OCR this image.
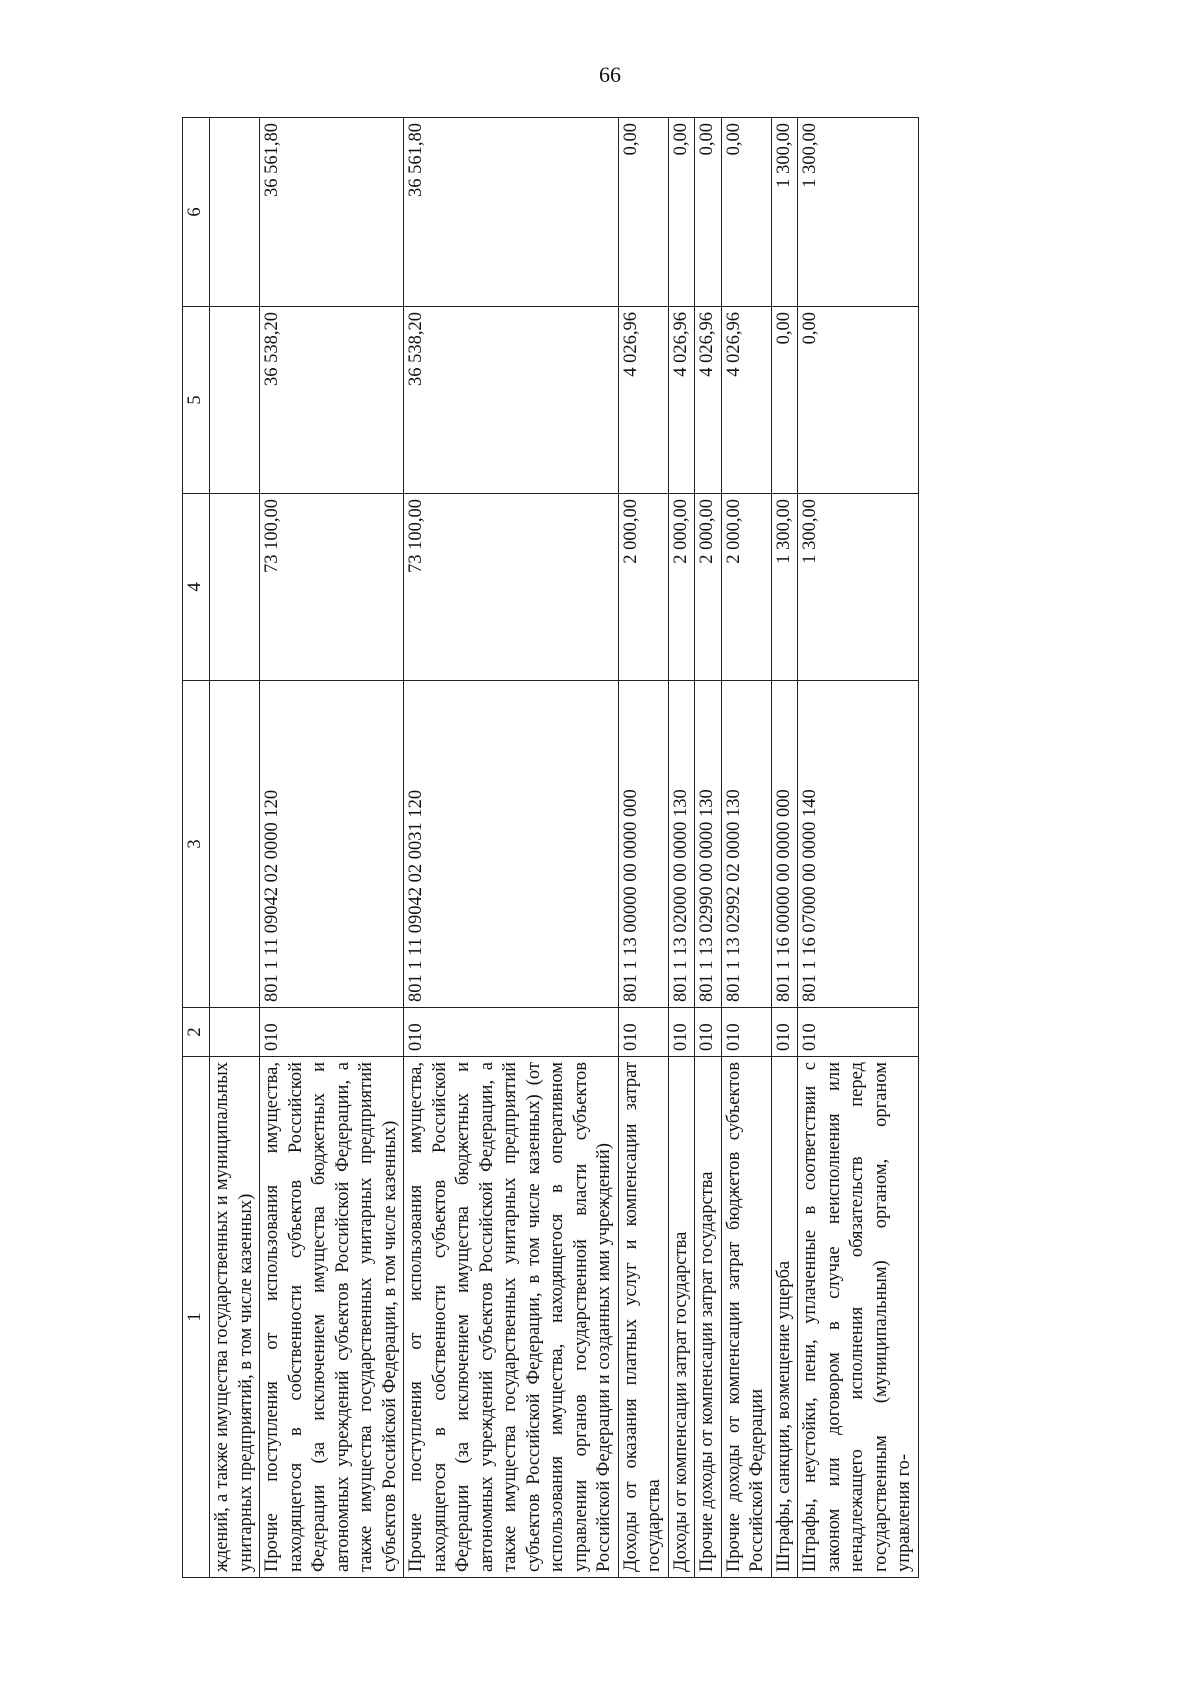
66
1	2	3	4	5	6
ждений, а также имущества государственных и муниципальных унитарных предприятий, в том числе казенных)					
Прочие поступления от использования имущества, находящегося в собственности субъектов Российской Федерации (за исключением имущества бюджетных и автономных учреждений субъектов Российской Федерации, а также имущества государственных унитарных предприятий субъектов Российской Федерации, в том числе казенных)	010	801 1 11 09042 02 0000 120	73 100,00	36 538,20	36 561,80
Прочие поступления от использования имущества, находящегося в собственности субъектов Российской Федерации (за исключением имущества бюджетных и автономных учреждений субъектов Российской Федерации, а также имущества государственных унитарных предприятий субъектов Российской Федерации, в том числе казенных) (от использования имущества, находящегося в оперативном управлении органов государственной власти субъектов Российской Федерации и созданных ими учреждений)	010	801 1 11 09042 02 0031 120	73 100,00	36 538,20	36 561,80
Доходы от оказания платных услуг и компенсации затрат государства	010	801 1 13 00000 00 0000 000	2 000,00	4 026,96	0,00
Доходы от компенсации затрат государства	010	801 1 13 02000 00 0000 130	2 000,00	4 026,96	0,00
Прочие доходы от компенсации затрат государства	010	801 1 13 02990 00 0000 130	2 000,00	4 026,96	0,00
Прочие доходы от компенсации затрат бюджетов субъектов Российской Федерации	010	801 1 13 02992 02 0000 130	2 000,00	4 026,96	0,00
Штрафы, санкции, возмещение ущерба	010	801 1 16 00000 00 0000 000	1 300,00	0,00	1 300,00
Штрафы, неустойки, пени, уплаченные в соответствии с законом или договором в случае неисполнения или ненадлежащего исполнения обязательств перед государственным (муниципальным) органом, органом управления го-	010	801 1 16 07000 00 0000 140	1 300,00	0,00	1 300,00
